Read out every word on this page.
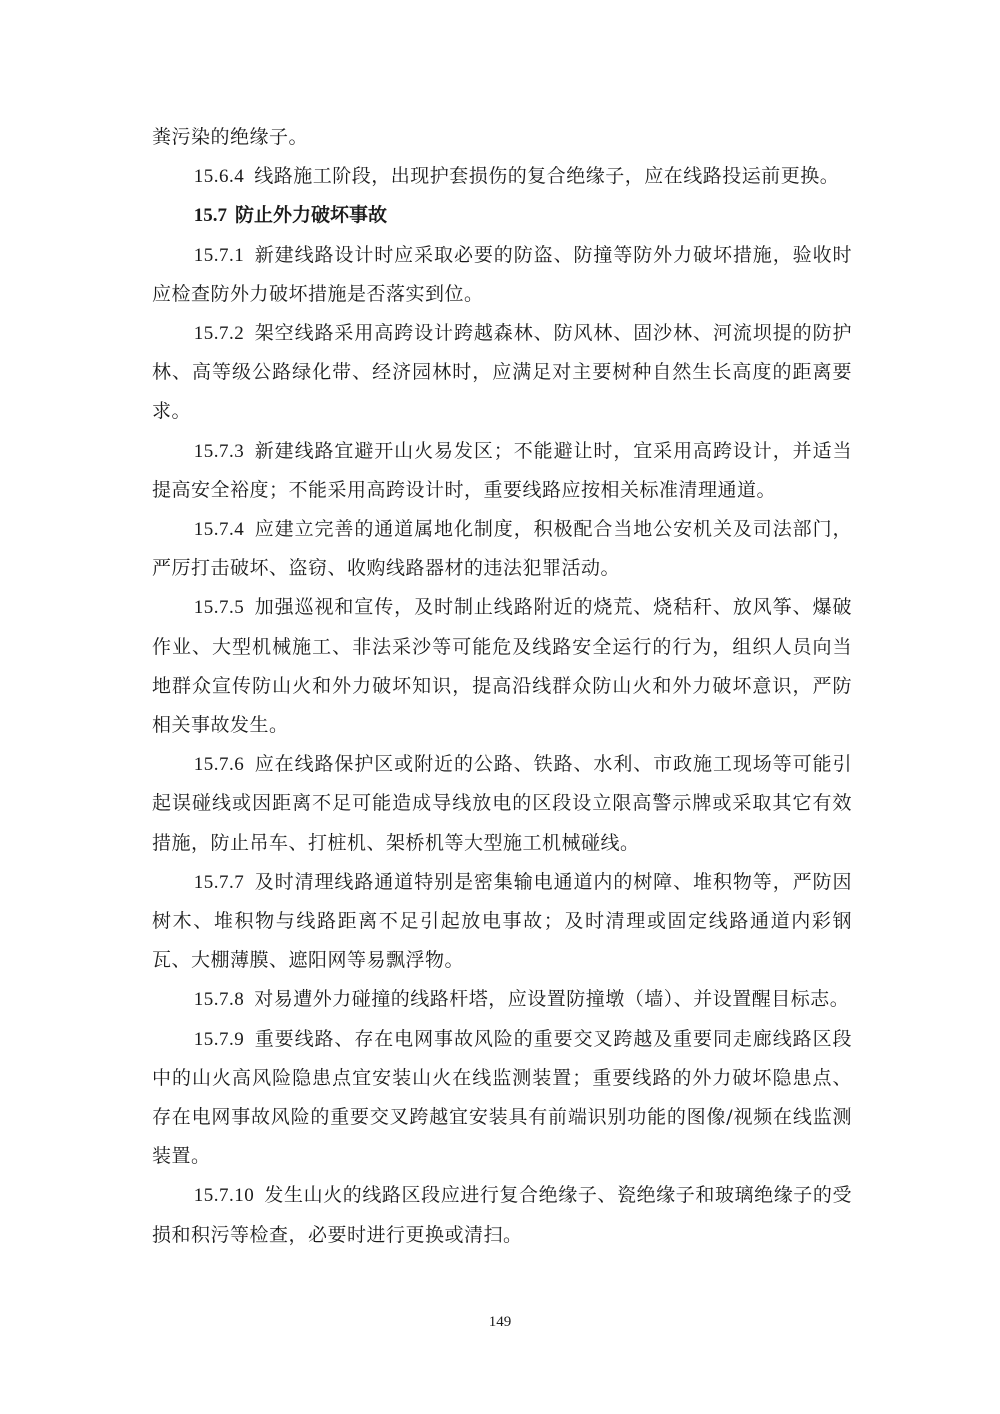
粪污染的绝缘子。

15.6.4 线路施工阶段，出现护套损伤的复合绝缘子，应在线路投运前更换。

15.7 防止外力破坏事故

15.7.1 新建线路设计时应采取必要的防盗、防撞等防外力破坏措施，验收时应检查防外力破坏措施是否落实到位。

15.7.2 架空线路采用高跨设计跨越森林、防风林、固沙林、河流坝提的防护林、高等级公路绿化带、经济园林时，应满足对主要树种自然生长高度的距离要求。

15.7.3 新建线路宜避开山火易发区；不能避让时，宜采用高跨设计，并适当提高安全裕度；不能采用高跨设计时，重要线路应按相关标准清理通道。

15.7.4 应建立完善的通道属地化制度，积极配合当地公安机关及司法部门，严厉打击破坏、盗窃、收购线路器材的违法犯罪活动。

15.7.5 加强巡视和宣传，及时制止线路附近的烧荒、烧秸秆、放风筝、爆破作业、大型机械施工、非法采沙等可能危及线路安全运行的行为，组织人员向当地群众宣传防山火和外力破坏知识，提高沿线群众防山火和外力破坏意识，严防相关事故发生。

15.7.6 应在线路保护区或附近的公路、铁路、水利、市政施工现场等可能引起误碰线或因距离不足可能造成导线放电的区段设立限高警示牌或采取其它有效措施，防止吊车、打桩机、架桥机等大型施工机械碰线。

15.7.7 及时清理线路通道特别是密集输电通道内的树障、堆积物等，严防因树木、堆积物与线路距离不足引起放电事故；及时清理或固定线路通道内彩钢瓦、大棚薄膜、遮阳网等易飘浮物。

15.7.8 对易遭外力碰撞的线路杆塔，应设置防撞墩（墙）、并设置醒目标志。

15.7.9 重要线路、存在电网事故风险的重要交叉跨越及重要同走廊线路区段中的山火高风险隐患点宜安装山火在线监测装置；重要线路的外力破坏隐患点、存在电网事故风险的重要交叉跨越宜安装具有前端识别功能的图像/视频在线监测装置。

15.7.10 发生山火的线路区段应进行复合绝缘子、瓷绝缘子和玻璃绝缘子的受损和积污等检查，必要时进行更换或清扫。

149
